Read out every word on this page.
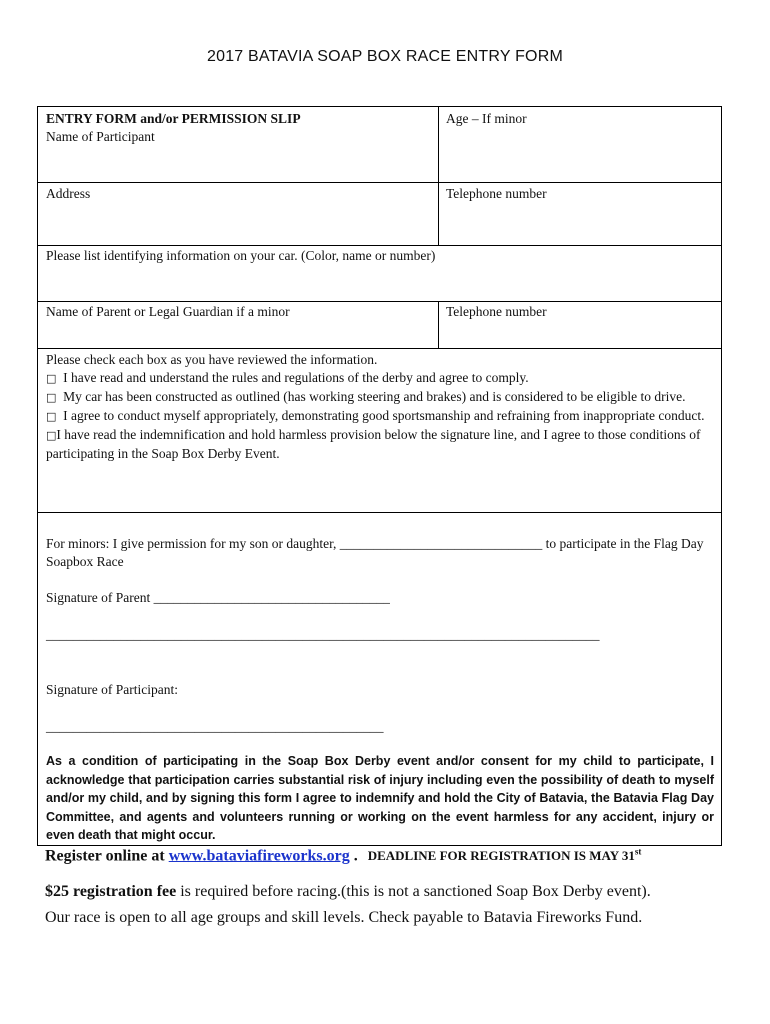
2017 BATAVIA SOAP BOX RACE ENTRY FORM
ENTRY FORM and/or PERMISSION SLIP
Name of Participant
Age – If minor
Address	Telephone number
Please list identifying information on your car. (Color, name or number)
Name of Parent or Legal Guardian if a minor	Telephone number
Please check each box as you have reviewed the information.
□ I have read and understand the rules and regulations of the derby and agree to comply.
□ My car has been constructed as outlined (has working steering and brakes) and is considered to be eligible to drive.
□ I agree to conduct myself appropriately, demonstrating good sportsmanship and refraining from inappropriate conduct.
□I have read the indemnification and hold harmless provision below the signature line, and I agree to those conditions of participating in the Soap Box Derby Event.
For minors: I give permission for my son or daughter, ______________________________ to participate in the Flag Day Soapbox Race
Signature of Parent ___________________________________
__________________________________________________________________________________
Signature of Participant:
__________________________________________________
As a condition of participating in the Soap Box Derby event and/or consent for my child to participate, I acknowledge that participation carries substantial risk of injury including even the possibility of death to myself and/or my child, and by signing this form I agree to indemnify and hold the City of Batavia, the Batavia Flag Day Committee, and agents and volunteers running or working on the event harmless for any accident, injury or even death that might occur.
Register online at www.bataviafireworks.org . DEADLINE FOR REGISTRATION IS MAY 31st
$25 registration fee is required before racing.(this is not a sanctioned Soap Box Derby event).
Our race is open to all age groups and skill levels. Check payable to Batavia Fireworks Fund.
